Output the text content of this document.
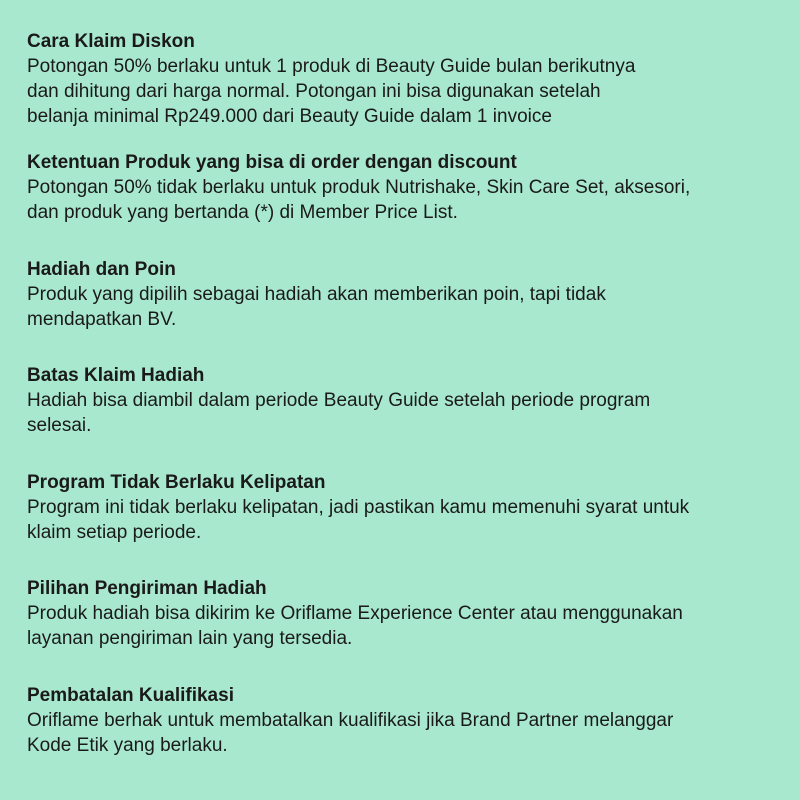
Cara Klaim Diskon

Potongan 50% berlaku untuk 1 produk di Beauty Guide bulan berikutnya
dan dihitung dari harga normal. Potongan ini bisa digunakan setelah
belanja minimal Rp249.000 dari Beauty Guide dalam 1 invoice

Ketentuan Produk yang bisa di order dengan discount

Potongan 50% tidak berlaku untuk produk Nutrishake, Skin Care Set, aksesori,
dan produk yang bertanda (*) di Member Price List.

Hadiah dan Poin

Produk yang dipilih sebagai hadiah akan memberikan poin, tapi tidak
mendapatkan BV.

Batas Klaim Hadiah

Hadiah bisa diambil dalam periode Beauty Guide setelah periode program
selesai.

Program Tidak Berlaku Kelipatan

Program ini tidak berlaku kelipatan, jadi pastikan kamu memenuhi syarat untuk
klaim setiap periode.

Pilihan Pengiriman Hadiah

Produk hadiah bisa dikirim ke Oriflame Experience Center atau menggunakan
layanan pengiriman lain yang tersedia.

Pembatalan Kualifikasi

Oriflame berhak untuk membatalkan kualifikasi jika Brand Partner melanggar
Kode Etik yang berlaku.
